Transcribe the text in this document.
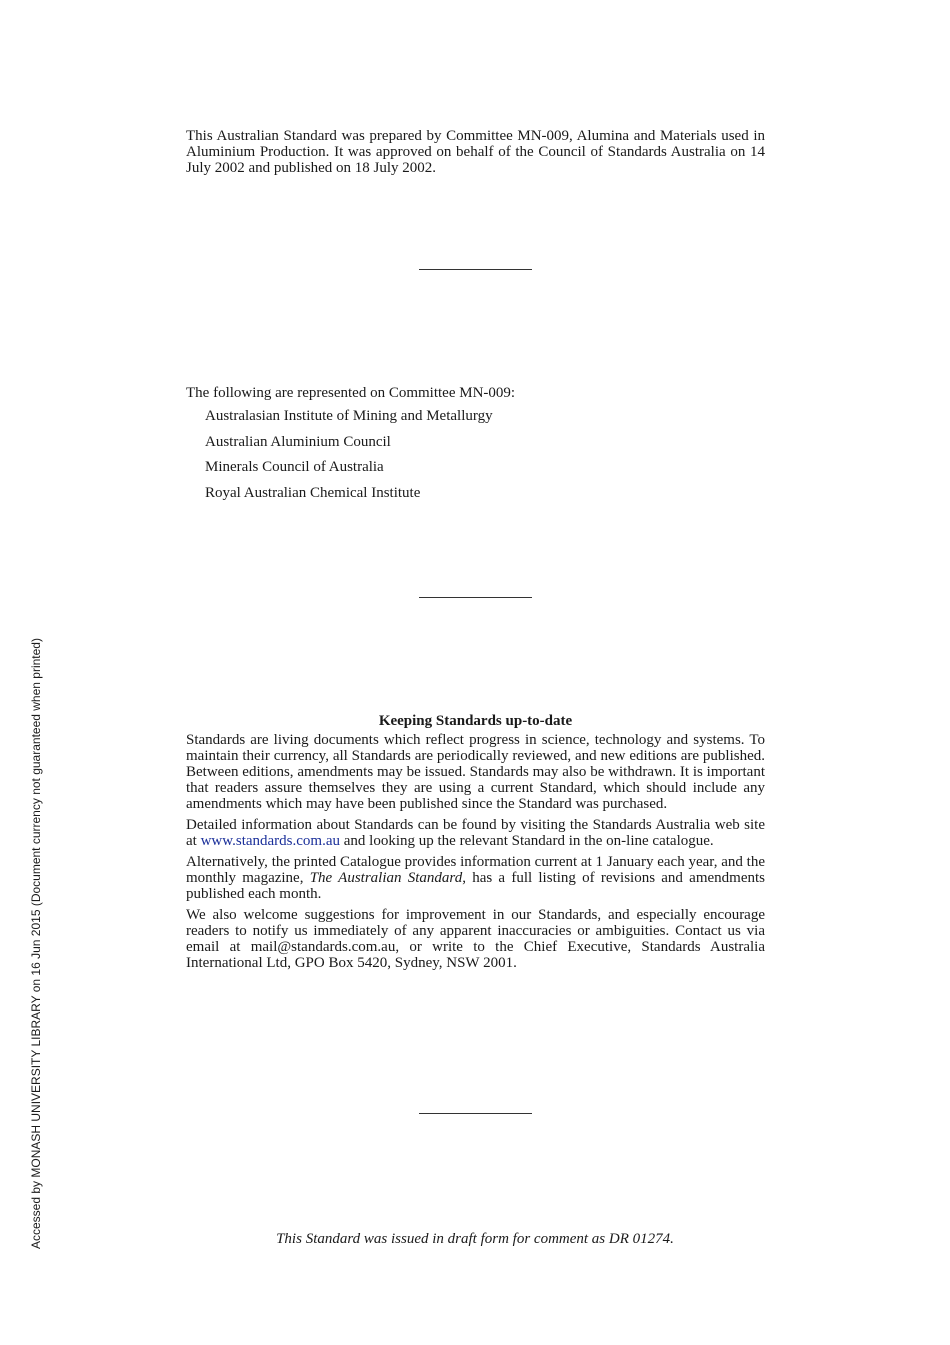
This Australian Standard was prepared by Committee MN-009, Alumina and Materials used in Aluminium Production. It was approved on behalf of the Council of Standards Australia on 14 July 2002 and published on 18 July 2002.

The following are represented on Committee MN-009:

Australasian Institute of Mining and Metallurgy
Australian Aluminium Council
Minerals Council of Australia
Royal Australian Chemical Institute
Keeping Standards up-to-date

Standards are living documents which reflect progress in science, technology and systems. To maintain their currency, all Standards are periodically reviewed, and new editions are published. Between editions, amendments may be issued. Standards may also be withdrawn. It is important that readers assure themselves they are using a current Standard, which should include any amendments which may have been published since the Standard was purchased.

Detailed information about Standards can be found by visiting the Standards Australia web site at www.standards.com.au and looking up the relevant Standard in the on-line catalogue.

Alternatively, the printed Catalogue provides information current at 1 January each year, and the monthly magazine, The Australian Standard, has a full listing of revisions and amendments published each month.

We also welcome suggestions for improvement in our Standards, and especially encourage readers to notify us immediately of any apparent inaccuracies or ambiguities. Contact us via email at mail@standards.com.au, or write to the Chief Executive, Standards Australia International Ltd, GPO Box 5420, Sydney, NSW 2001.

This Standard was issued in draft form for comment as DR 01274.
Accessed by MONASH UNIVERSITY LIBRARY on 16 Jun 2015 (Document currency not guaranteed when printed)
